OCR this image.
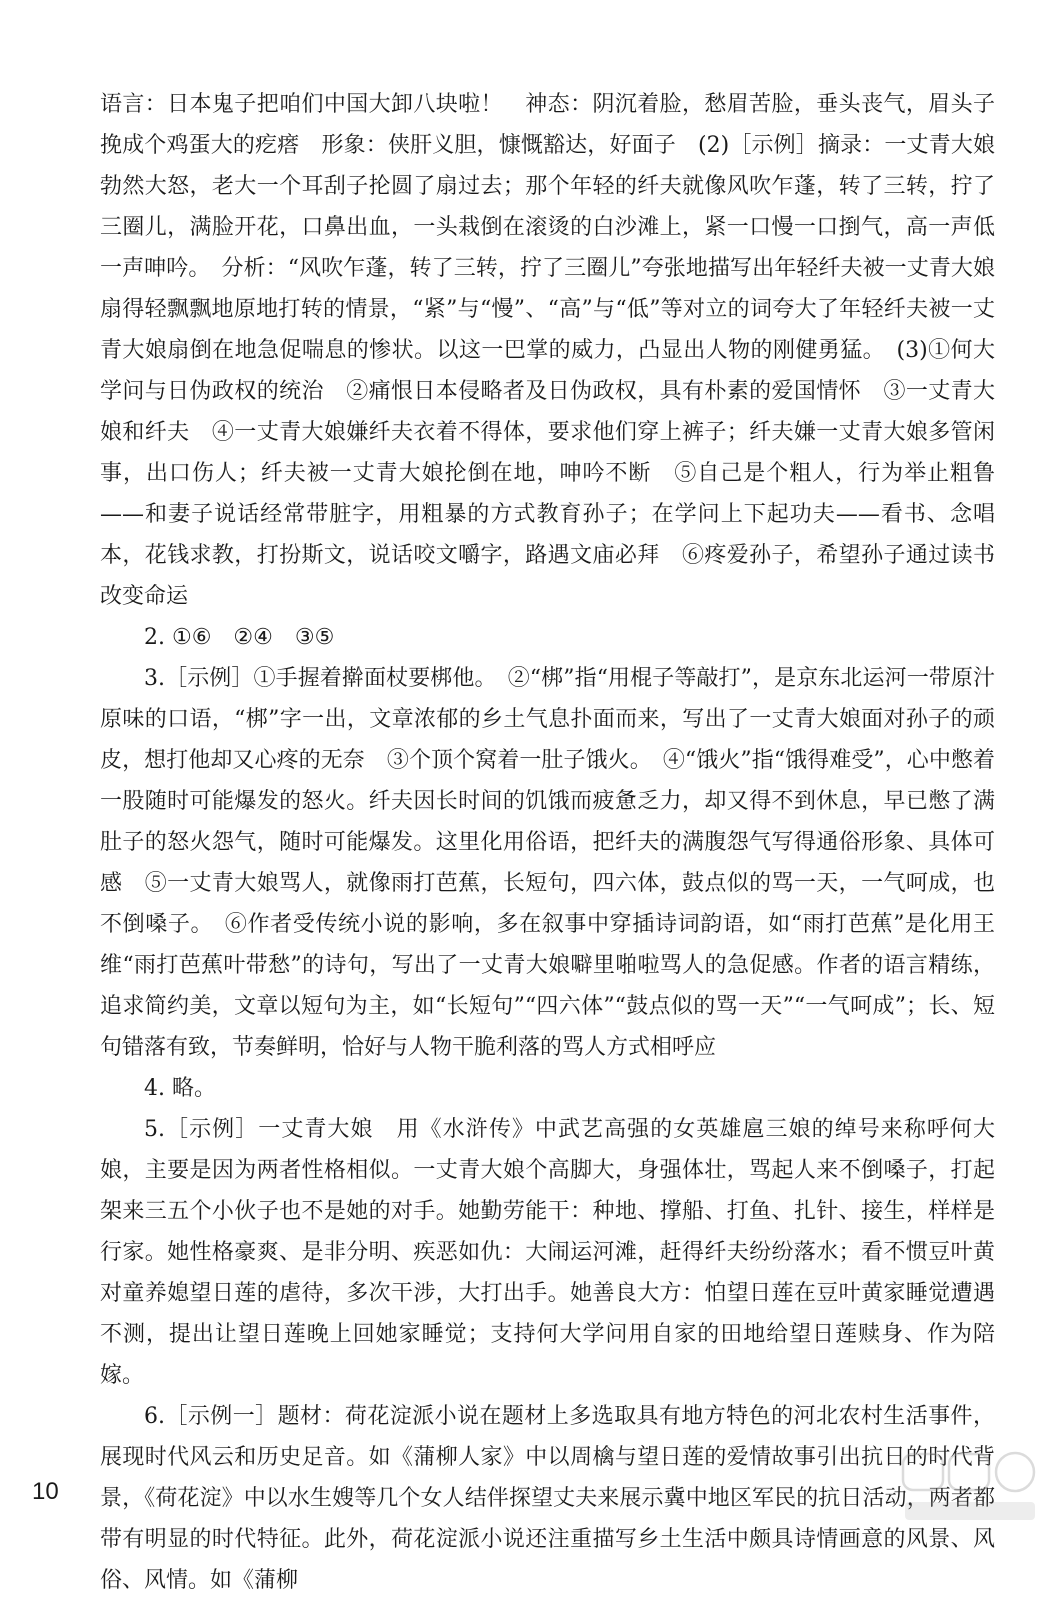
语言：日本鬼子把咱们中国大卸八块啦！　神态：阴沉着脸，愁眉苦脸，垂头丧气，眉头子挽成个鸡蛋大的疙瘩　形象：侠肝义胆，慷慨豁达，好面子　(2)［示例］摘录：一丈青大娘勃然大怒，老大一个耳刮子抡圆了扇过去；那个年轻的纤夫就像风吹乍蓬，转了三转，拧了三圈儿，满脸开花，口鼻出血，一头栽倒在滚烫的白沙滩上，紧一口慢一口捯气，高一声低一声呻吟。　分析：“风吹乍蓬，转了三转，拧了三圈儿”夸张地描写出年轻纤夫被一丈青大娘扇得轻飘飘地原地打转的情景，“紧”与“慢”、“高”与“低”等对立的词夸大了年轻纤夫被一丈青大娘扇倒在地急促喘息的惨状。以这一巴掌的威力，凸显出人物的刚健勇猛。　(3)①何大学问与日伪政权的统治　②痛恨日本侵略者及日伪政权，具有朴素的爱国情怀　③一丈青大娘和纤夫　④一丈青大娘嫌纤夫衣着不得体，要求他们穿上裤子；纤夫嫌一丈青大娘多管闲事，出口伤人；纤夫被一丈青大娘抡倒在地，呻吟不断　⑤自己是个粗人，行为举止粗鲁——和妻子说话经常带脏字，用粗暴的方式教育孙子；在学问上下起功夫——看书、念唱本，花钱求教，打扮斯文，说话咬文嚼字，路遇文庙必拜　⑥疼爱孙子，希望孙子通过读书改变命运

2. ①⑥　②④　③⑤

3.［示例］①手握着擀面杖要梆他。　②“梆”指“用棍子等敲打”，是京东北运河一带原汁原味的口语，“梆”字一出，文章浓郁的乡土气息扑面而来，写出了一丈青大娘面对孙子的顽皮，想打他却又心疼的无奈　③个顶个窝着一肚子饿火。　④“饿火”指“饿得难受”，心中憋着一股随时可能爆发的怒火。纤夫因长时间的饥饿而疲惫乏力，却又得不到休息，早已憋了满肚子的怒火怨气，随时可能爆发。这里化用俗语，把纤夫的满腹怨气写得通俗形象、具体可感　⑤一丈青大娘骂人，就像雨打芭蕉，长短句，四六体，鼓点似的骂一天，一气呵成，也不倒嗓子。　⑥作者受传统小说的影响，多在叙事中穿插诗词韵语，如“雨打芭蕉”是化用王维“雨打芭蕉叶带愁”的诗句，写出了一丈青大娘噼里啪啦骂人的急促感。作者的语言精练，追求简约美，文章以短句为主，如“长短句”“四六体”“鼓点似的骂一天”“一气呵成”；长、短句错落有致，节奏鲜明，恰好与人物干脆利落的骂人方式相呼应

4. 略。

5.［示例］一丈青大娘　用《水浒传》中武艺高强的女英雄扈三娘的绰号来称呼何大娘，主要是因为两者性格相似。一丈青大娘个高脚大，身强体壮，骂起人来不倒嗓子，打起架来三五个小伙子也不是她的对手。她勤劳能干：种地、撑船、打鱼、扎针、接生，样样是行家。她性格豪爽、是非分明、疾恶如仇：大闹运河滩，赶得纤夫纷纷落水；看不惯豆叶黄对童养媳望日莲的虐待，多次干涉，大打出手。她善良大方：怕望日莲在豆叶黄家睡觉遭遇不测，提出让望日莲晚上回她家睡觉；支持何大学问用自家的田地给望日莲赎身、作为陪嫁。

6.［示例一］题材：荷花淀派小说在题材上多选取具有地方特色的河北农村生活事件，展现时代风云和历史足音。如《蒲柳人家》中以周檎与望日莲的爱情故事引出抗日的时代背景，《荷花淀》中以水生嫂等几个女人结伴探望丈夫来展示冀中地区军民的抗日活动，两者都带有明显的时代特征。此外，荷花淀派小说还注重描写乡土生活中颇具诗情画意的风景、风俗、风情。如《蒲柳

10
